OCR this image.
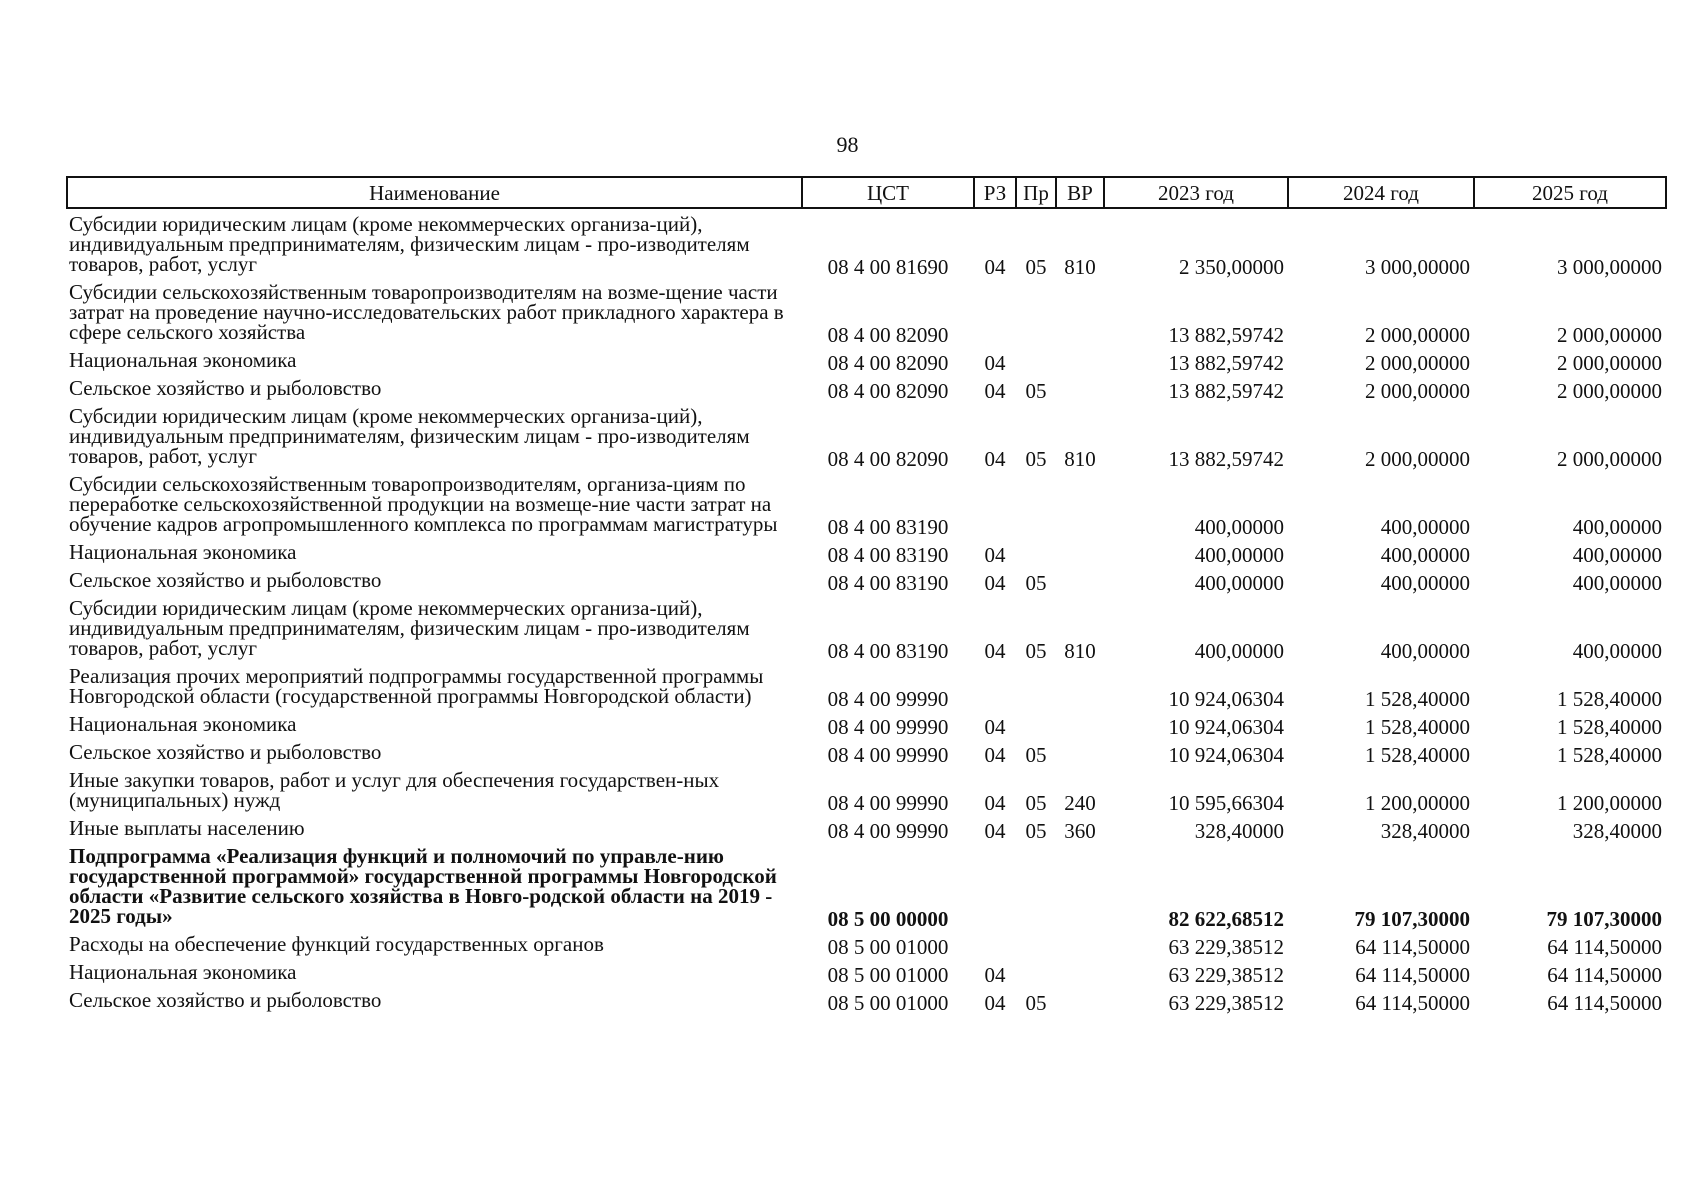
98
Наименование	ЦСТ	РЗ	Пр	ВР	2023 год	2024 год	2025 год
Субсидии юридическим лицам (кроме некоммерческих организа-ций), индивидуальным предпринимателям, физическим лицам - про-изводителям товаров, работ, услуг	08 4 00 81690	04	05	810	2 350,00000	3 000,00000	3 000,00000
Субсидии сельскохозяйственным товаропроизводителям на возме-щение части затрат на проведение научно-исследовательских работ прикладного характера в сфере сельского хозяйства	08 4 00 82090				13 882,59742	2 000,00000	2 000,00000
Национальная экономика	08 4 00 82090	04			13 882,59742	2 000,00000	2 000,00000
Сельское хозяйство и рыболовство	08 4 00 82090	04	05		13 882,59742	2 000,00000	2 000,00000
Субсидии юридическим лицам (кроме некоммерческих организа-ций), индивидуальным предпринимателям, физическим лицам - про-изводителям товаров, работ, услуг	08 4 00 82090	04	05	810	13 882,59742	2 000,00000	2 000,00000
Субсидии сельскохозяйственным товаропроизводителям, организа-циям по переработке сельскохозяйственной продукции на возмеще-ние части затрат на обучение кадров агропромышленного комплекса по программам магистратуры	08 4 00 83190				400,00000	400,00000	400,00000
Национальная экономика	08 4 00 83190	04			400,00000	400,00000	400,00000
Сельское хозяйство и рыболовство	08 4 00 83190	04	05		400,00000	400,00000	400,00000
Субсидии юридическим лицам (кроме некоммерческих организа-ций), индивидуальным предпринимателям, физическим лицам - про-изводителям товаров, работ, услуг	08 4 00 83190	04	05	810	400,00000	400,00000	400,00000
Реализация прочих мероприятий подпрограммы государственной программы Новгородской области (государственной программы Новгородской области)	08 4 00 99990				10 924,06304	1 528,40000	1 528,40000
Национальная экономика	08 4 00 99990	04			10 924,06304	1 528,40000	1 528,40000
Сельское хозяйство и рыболовство	08 4 00 99990	04	05		10 924,06304	1 528,40000	1 528,40000
Иные закупки товаров, работ и услуг для обеспечения государствен-ных (муниципальных) нужд	08 4 00 99990	04	05	240	10 595,66304	1 200,00000	1 200,00000
Иные выплаты населению	08 4 00 99990	04	05	360	328,40000	328,40000	328,40000
Подпрограмма «Реализация функций и полномочий по управле-нию государственной программой» государственной программы Новгородской области «Развитие сельского хозяйства в Новго-родской области на 2019 - 2025 годы»	08 5 00 00000				82 622,68512	79 107,30000	79 107,30000
Расходы на обеспечение функций государственных органов	08 5 00 01000				63 229,38512	64 114,50000	64 114,50000
Национальная экономика	08 5 00 01000	04			63 229,38512	64 114,50000	64 114,50000
Сельское хозяйство и рыболовство	08 5 00 01000	04	05		63 229,38512	64 114,50000	64 114,50000
